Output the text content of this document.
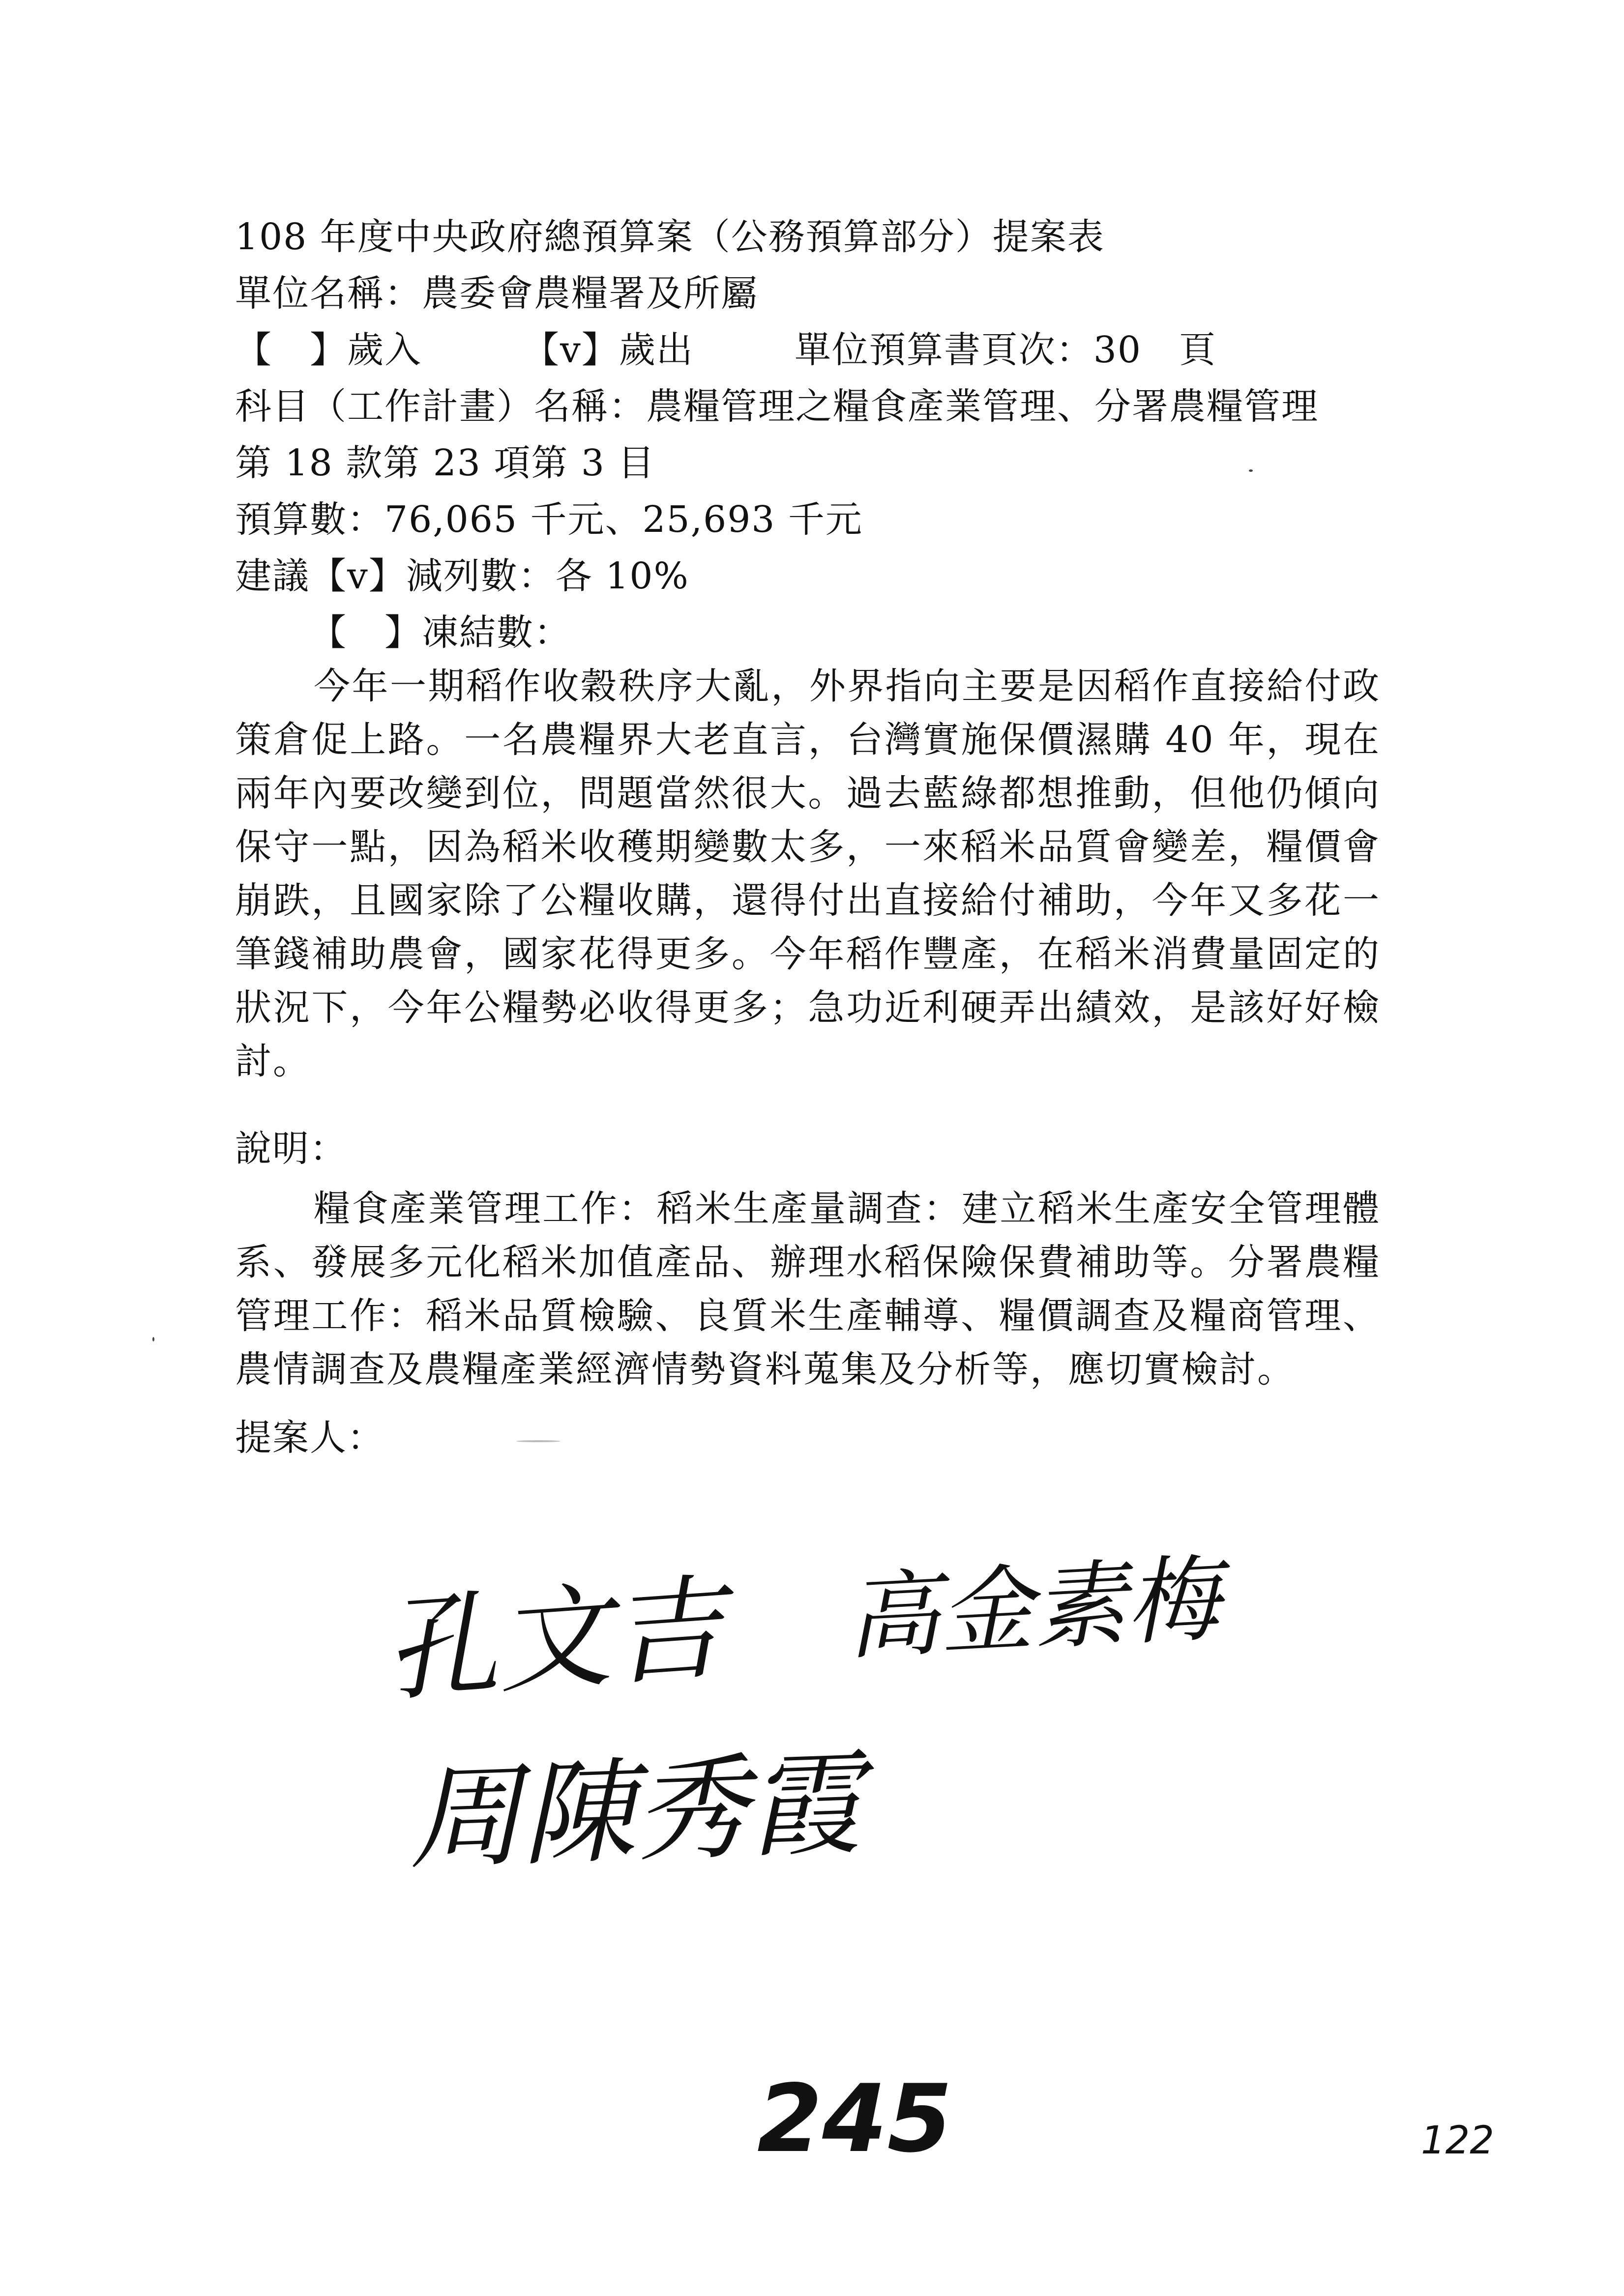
108 年度中央政府總預算案（公務預算部分）提案表
單位名稱：農委會農糧署及所屬
【　】歲入	【ⅴ】歲出	單位預算書頁次：30　頁
科目（工作計畫）名稱：農糧管理之糧食產業管理、分署農糧管理
第 18 款第 23 項第 3 目
預算數：76,065 千元、25,693 千元
建議【ⅴ】減列數：各 10%
【　】凍結數：

今年一期稻作收穀秩序大亂，外界指向主要是因稻作直接給付政策倉促上路。一名農糧界大老直言，台灣實施保價濕購 40 年，現在兩年內要改變到位，問題當然很大。過去藍綠都想推動，但他仍傾向保守一點，因為稻米收穫期變數太多，一來稻米品質會變差，糧價會崩跌，且國家除了公糧收購，還得付出直接給付補助，今年又多花一筆錢補助農會，國家花得更多。今年稻作豐產，在稻米消費量固定的狀況下，今年公糧勢必收得更多；急功近利硬弄出績效，是該好好檢討。

說明：

糧食產業管理工作：稻米生產量調查：建立稻米生產安全管理體系、發展多元化稻米加值產品、辦理水稻保險保費補助等。分署農糧管理工作：稻米品質檢驗、良質米生產輔導、糧價調查及糧商管理、農情調查及農糧產業經濟情勢資料蒐集及分析等，應切實檢討。

提案人：
孔文吉 高金素梅
周陳秀霞
245	122
